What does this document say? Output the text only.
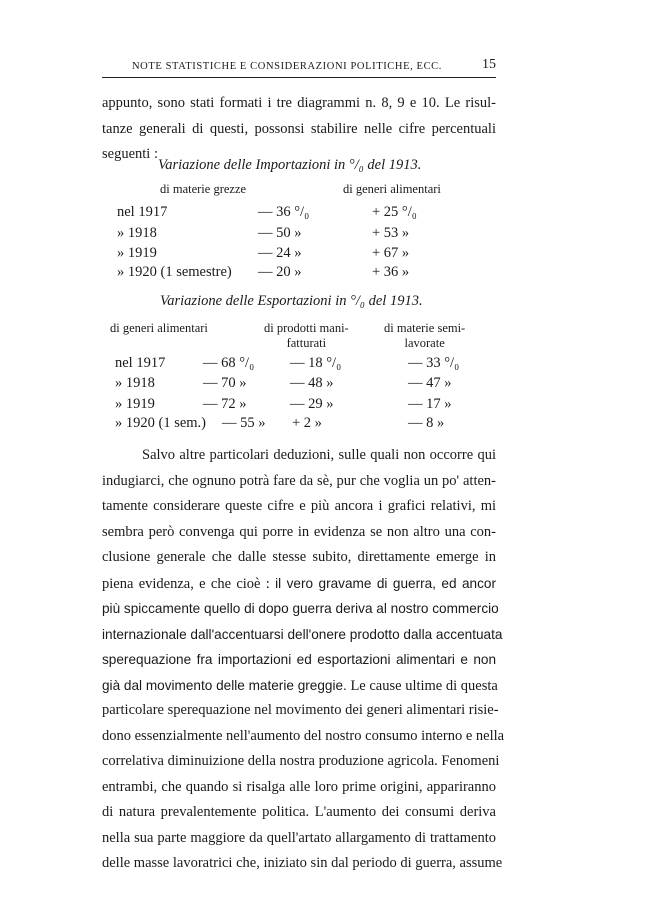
NOTE STATISTICHE E CONSIDERAZIONI POLITICHE, ECC.	15
appunto, sono stati formati i tre diagrammi n. 8, 9 e 10. Le risul-
tanze generali di questi, possonsi stabilire nelle cifre percentuali
seguenti :
Variazione delle Importazioni in °/₀ del 1913.
di materie grezze	di generi alimentari
nel 1917	— 36 °/₀	+ 25 °/₀
» 1918	— 50 »	+ 53 »
» 1919	— 24 »	+ 67 »
» 1920 (1 semestre) — 20 »	+ 36 »
Variazione delle Esportazioni in °/₀ del 1913.
di generi alimentari	di prodotti mani-
fatturati
di materie semi-
lavorate
nel 1917	— 68 °/₀ — 18 °/₀	— 33 °/₀
» 1918	— 70 »	— 48 »	— 47 »
» 1919	— 72 »	— 29 »	— 17 »
» 1920 (1 sem.) — 55 » + 2 »	— 8 »
Salvo altre particolari deduzioni, sulle quali non occorre qui
indugiarci, che ognuno potrà fare da sè, pur che voglia un po' atten-
tamente considerare queste cifre e più ancora i grafici relativi, mi
sembra però convenga qui porre in evidenza se non altro una con-
clusione generale che dalle stesse subito, direttamente emerge in
piena evidenza, e che cioè : il vero gravame di guerra, ed ancor
più spiccamente quello di dopo guerra deriva al nostro commercio
internazionale dall'accentuarsi dell'onere prodotto dalla accentuata
sperequazione fra importazioni ed esportazioni alimentari e non
già dal movimento delle materie greggie. Le cause ultime di questa
particolare sperequazione nel movimento dei generi alimentari risie-
dono essenzialmente nell'aumento del nostro consumo interno e nella
correlativa diminuizione della nostra produzione agricola. Fenomeni
entrambi, che quando si risalga alle loro prime origini, appariranno
di natura prevalentemente politica. L'aumento dei consumi deriva
nella sua parte maggiore da quell'artato allargamento di trattamento
delle masse lavoratrici che, iniziato sin dal periodo di guerra, assume
